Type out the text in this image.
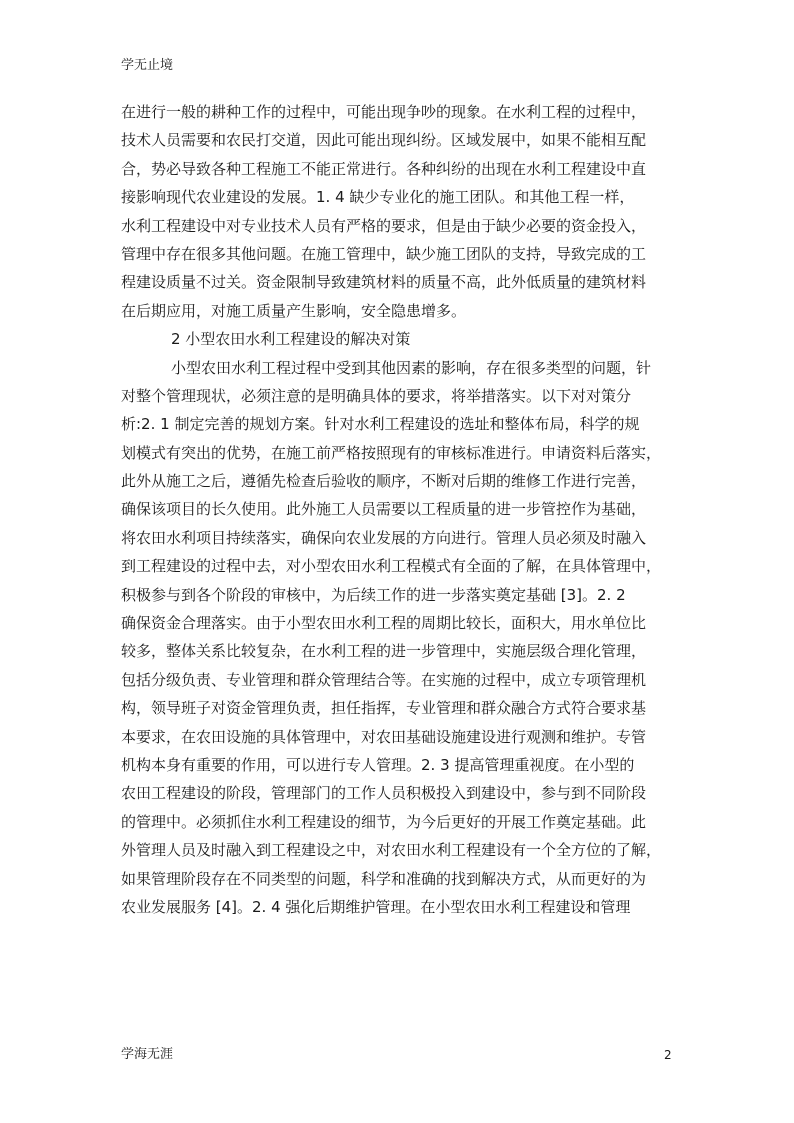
学无止境
在进行一般的耕种工作的过程中，可能出现争吵的现象。在水利工程的过程中，
技术人员需要和农民打交道，因此可能出现纠纷。区域发展中，如果不能相互配
合，势必导致各种工程施工不能正常进行。各种纠纷的出现在水利工程建设中直
接影响现代农业建设的发展。1. 4 缺少专业化的施工团队。和其他工程一样，
水利工程建设中对专业技术人员有严格的要求，但是由于缺少必要的资金投入，
管理中存在很多其他问题。在施工管理中，缺少施工团队的支持，导致完成的工
程建设质量不过关。资金限制导致建筑材料的质量不高，此外低质量的建筑材料
在后期应用，对施工质量产生影响，安全隐患增多。
2 小型农田水利工程建设的解决对策
小型农田水利工程过程中受到其他因素的影响，存在很多类型的问题，针
对整个管理现状，必须注意的是明确具体的要求，将举措落实。以下对对策分
析:2. 1 制定完善的规划方案。针对水利工程建设的选址和整体布局，科学的规
划模式有突出的优势，在施工前严格按照现有的审核标准进行。申请资料后落实，
此外从施工之后，遵循先检查后验收的顺序，不断对后期的维修工作进行完善，
确保该项目的长久使用。此外施工人员需要以工程质量的进一步管控作为基础，
将农田水利项目持续落实，确保向农业发展的方向进行。管理人员必须及时融入
到工程建设的过程中去，对小型农田水利工程模式有全面的了解，在具体管理中，
积极参与到各个阶段的审核中，为后续工作的进一步落实奠定基础 [3]。2. 2
确保资金合理落实。由于小型农田水利工程的周期比较长，面积大，用水单位比
较多，整体关系比较复杂，在水利工程的进一步管理中，实施层级合理化管理，
包括分级负责、专业管理和群众管理结合等。在实施的过程中，成立专项管理机
构，领导班子对资金管理负责，担任指挥，专业管理和群众融合方式符合要求基
本要求，在农田设施的具体管理中，对农田基础设施建设进行观测和维护。专管
机构本身有重要的作用，可以进行专人管理。2. 3 提高管理重视度。在小型的
农田工程建设的阶段，管理部门的工作人员积极投入到建设中，参与到不同阶段
的管理中。必须抓住水利工程建设的细节，为今后更好的开展工作奠定基础。此
外管理人员及时融入到工程建设之中，对农田水利工程建设有一个全方位的了解，
如果管理阶段存在不同类型的问题，科学和准确的找到解决方式，从而更好的为
农业发展服务 [4]。2. 4 强化后期维护管理。在小型农田水利工程建设和管理
学海无涯	2
